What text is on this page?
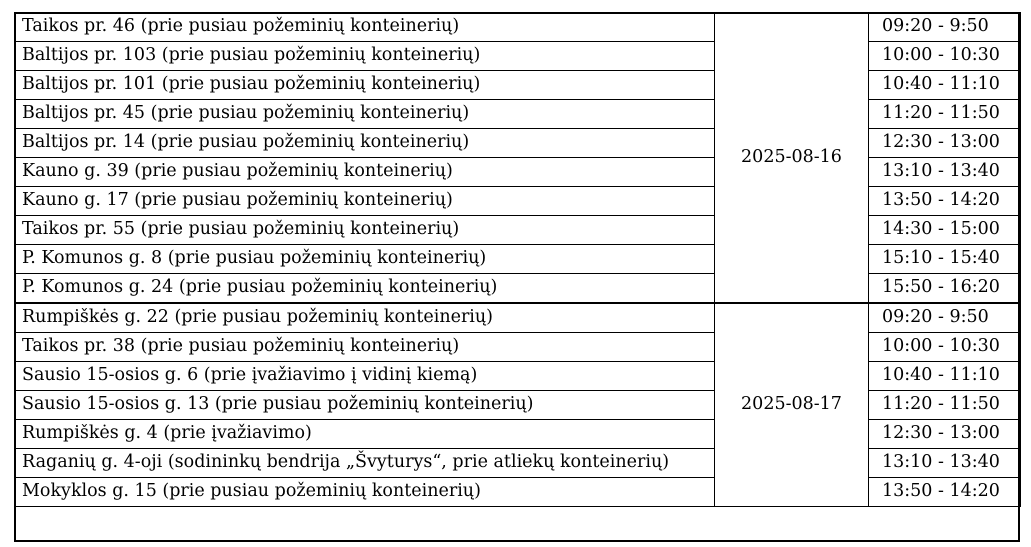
Taikos pr. 46 (prie pusiau požeminių konteinerių)	2025-08-16	09:20 - 9:50
Baltijos pr. 103 (prie pusiau požeminių konteinerių)		10:00 - 10:30
Baltijos pr. 101 (prie pusiau požeminių konteinerių)		10:40 - 11:10
Baltijos pr. 45 (prie pusiau požeminių konteinerių)		11:20 - 11:50
Baltijos pr. 14 (prie pusiau požeminių konteinerių)		12:30 - 13:00
Kauno g. 39 (prie pusiau požeminių konteinerių)		13:10 - 13:40
Kauno g. 17 (prie pusiau požeminių konteinerių)		13:50 - 14:20
Taikos pr. 55 (prie pusiau požeminių konteinerių)		14:30 - 15:00
P. Komunos g. 8 (prie pusiau požeminių konteinerių)		15:10 - 15:40
P. Komunos g. 24 (prie pusiau požeminių konteinerių)		15:50 - 16:20
Rumpiškės g. 22 (prie pusiau požeminių konteinerių)	2025-08-17	09:20 - 9:50
Taikos pr. 38 (prie pusiau požeminių konteinerių)		10:00 - 10:30
Sausio 15-osios g. 6 (prie įvažiavimo į vidinį kiemą)		10:40 - 11:10
Sausio 15-osios g. 13 (prie pusiau požeminių konteinerių)		11:20 - 11:50
Rumpiškės g. 4 (prie įvažiavimo)		12:30 - 13:00
Raganių g. 4-oji (sodininkų bendrija „Švyturys“, prie atliekų konteinerių)		13:10 - 13:40
Mokyklos g. 15 (prie pusiau požeminių konteinerių)		13:50 - 14:20
